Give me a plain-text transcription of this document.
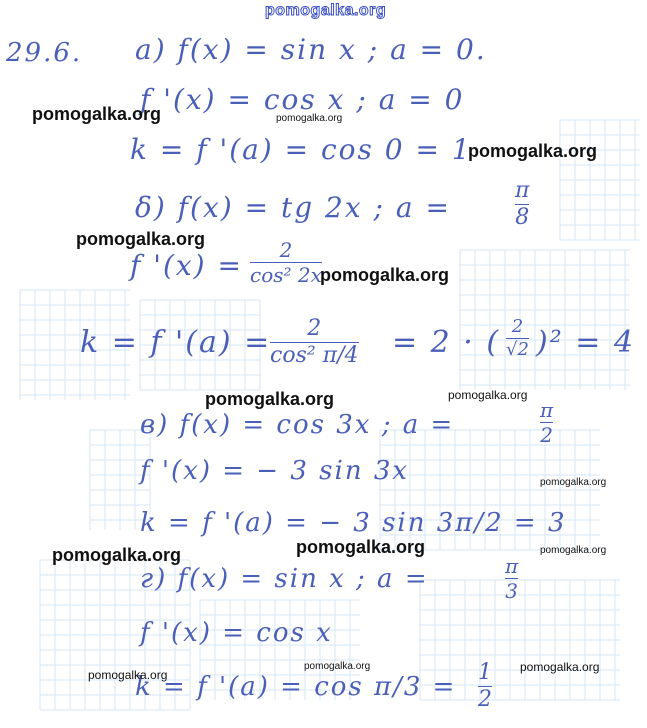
pomogalka.org
29.6. a) f(x) = sin x ; a = 0.
f '(x) = cos x ; a = 0
k = f '(a) = cos 0 = 1
δ) f(x) = tg 2x ; a =
π
8
f '(x) = 2
cos² 2x
k = f '(a) = 2
cos² π/4 = 2 · ( 2
√2 )² = 4
в) f(x) = cos 3x ; a =	π
2
f '(x) = − 3 sin 3x
k = f '(a) = − 3 sin 3π/2 = 3
г) f(x) = sin x ; a =	π
3
f '(x) = cos x
k = f '(a) = cos π/3 = 1
2
pomogalka.org	pomogalka.org
pomogalka.org
pomogalka.org
pomogalka.org
pomogalka.org	pomogalka.org
pomogalka.org
pomogalka.org	pomogalka.org	pomogalka.org
pomogalka.org
pomogalka.org	pomogalka.org
